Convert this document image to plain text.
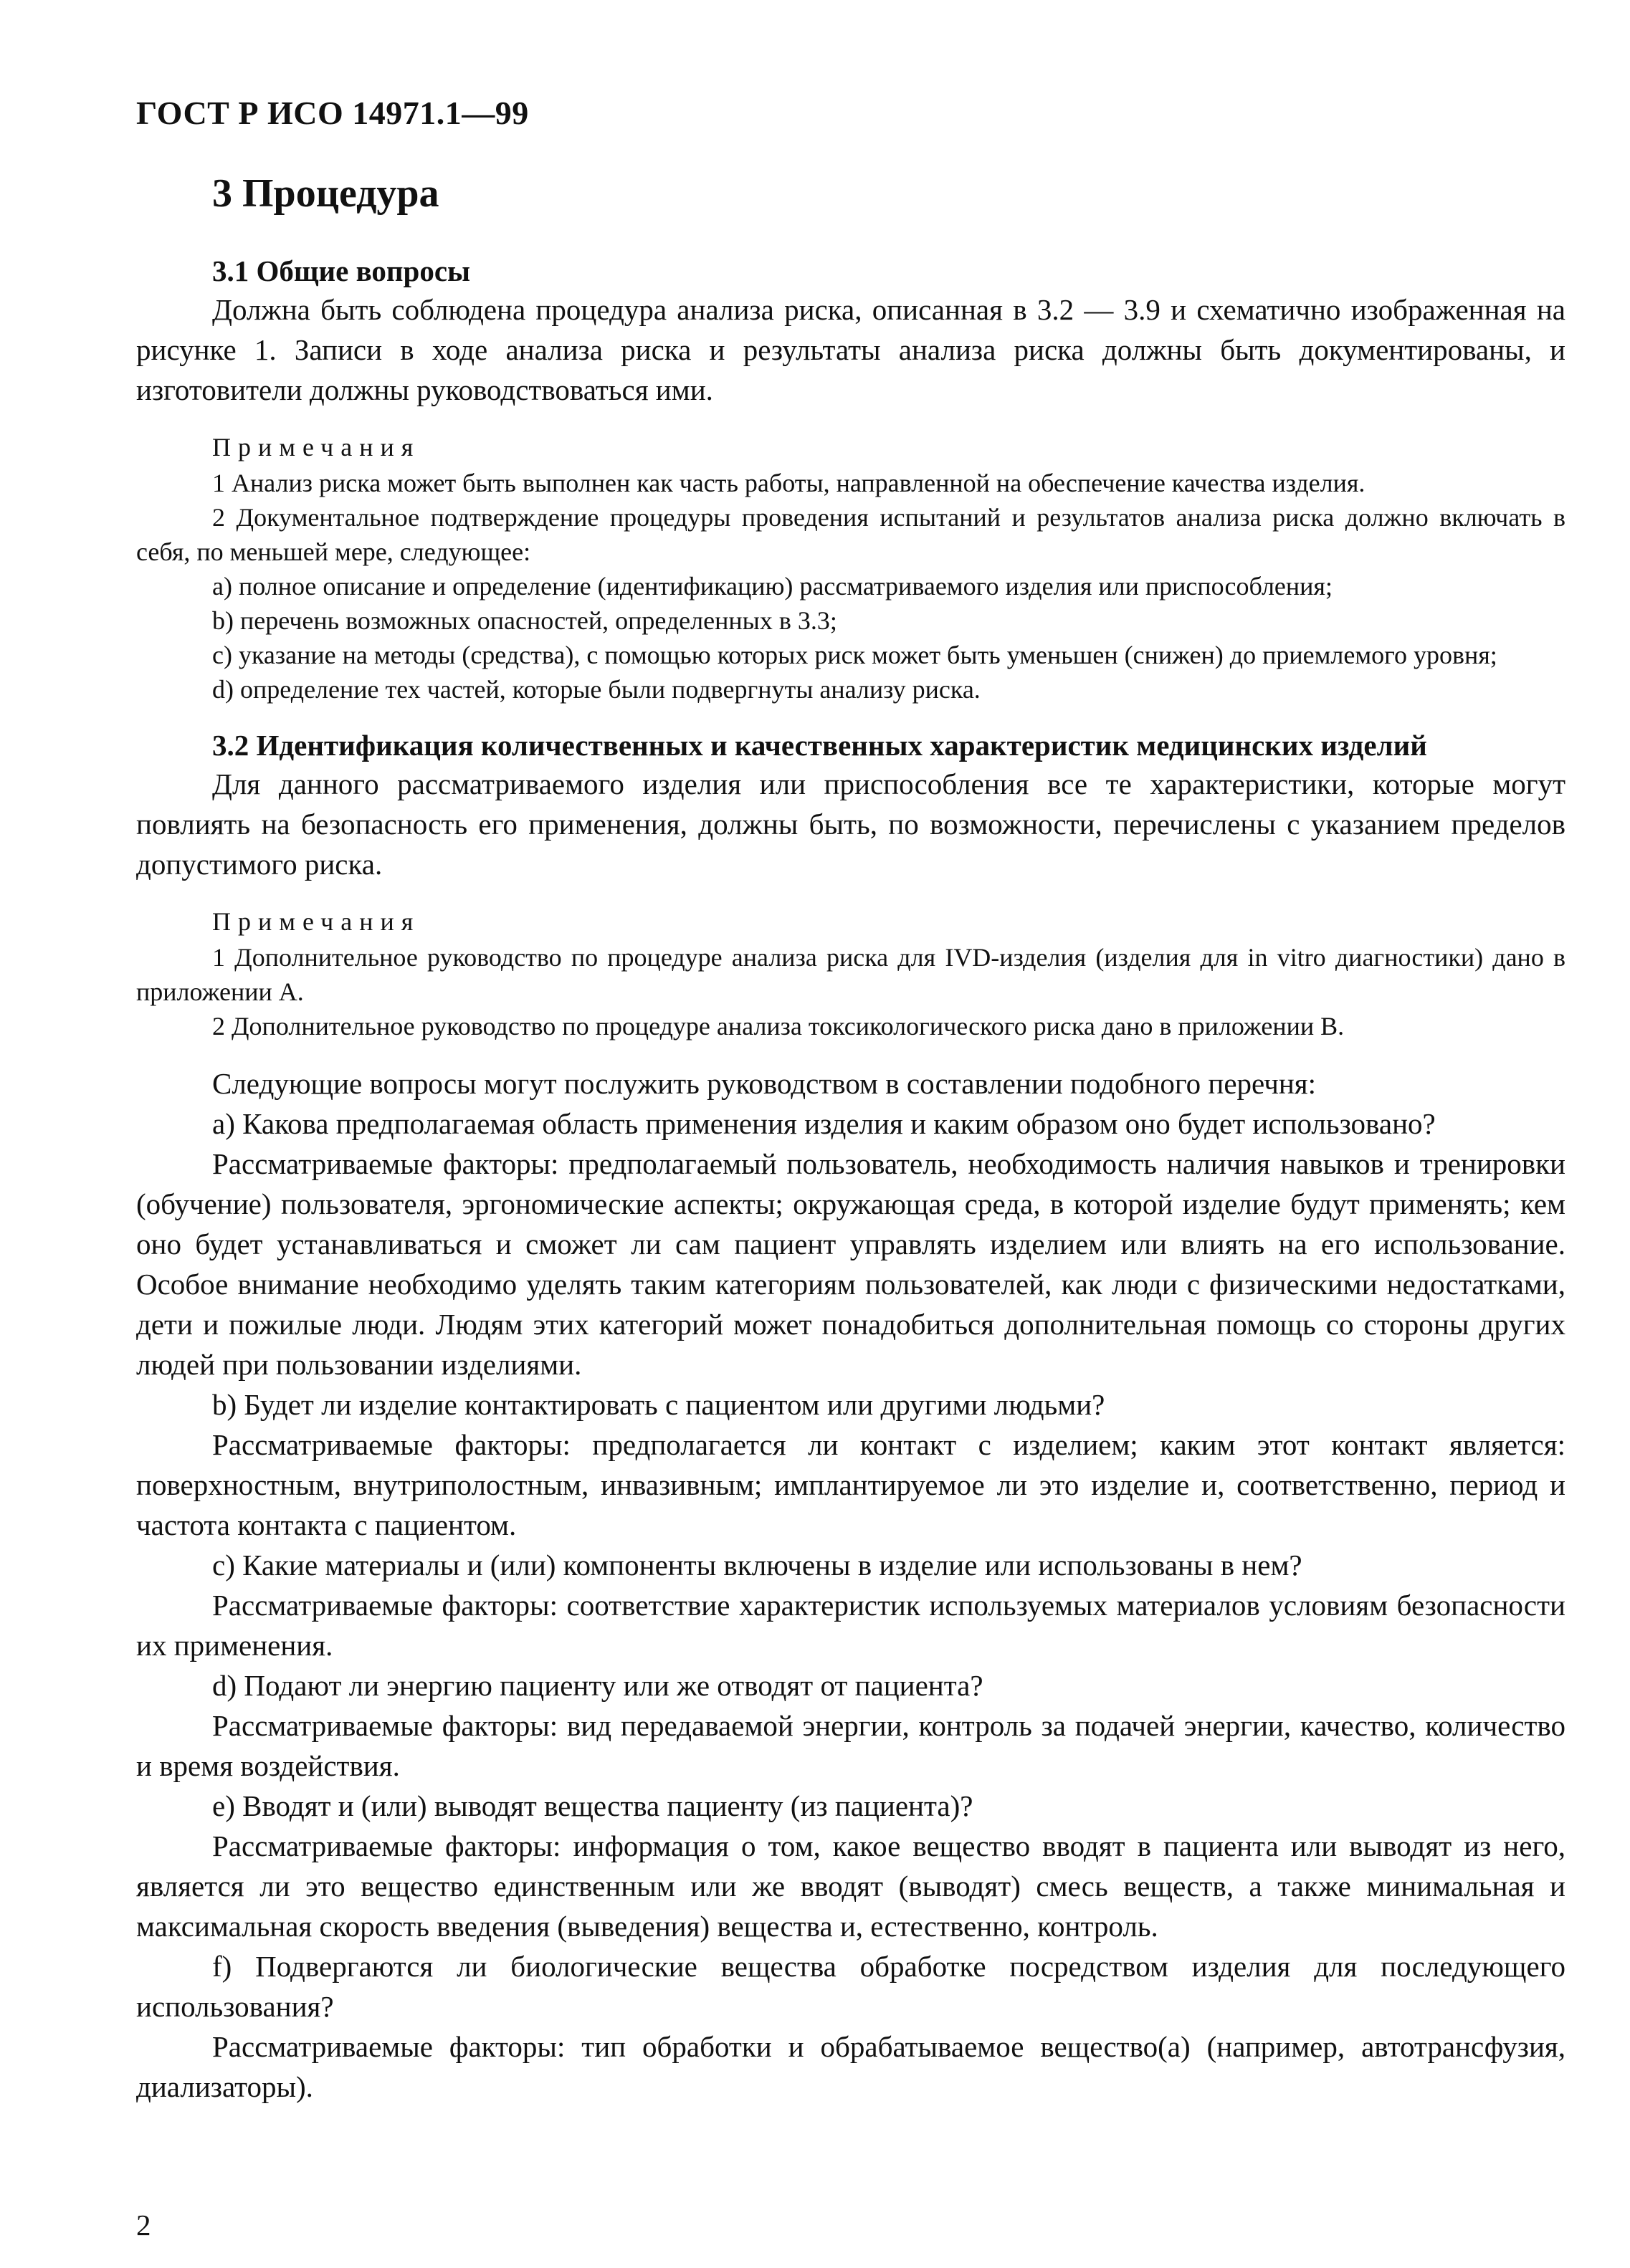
ГОСТ Р ИСО 14971.1—99
3 Процедура
3.1 Общие вопросы

Должна быть соблюдена процедура анализа риска, описанная в 3.2 — 3.9 и схематично изображенная на рисунке 1. Записи в ходе анализа риска и результаты анализа риска должны быть документированы, и изготовители должны руководствоваться ими.

Примечания

1 Анализ риска может быть выполнен как часть работы, направленной на обеспечение качества изделия.

2 Документальное подтверждение процедуры проведения испытаний и результатов анализа риска должно включать в себя, по меньшей мере, следующее:

а) полное описание и определение (идентификацию) рассматриваемого изделия или приспособления;

b) перечень возможных опасностей, определенных в 3.3;

с) указание на методы (средства), с помощью которых риск может быть уменьшен (снижен) до приемлемого уровня;

d) определение тех частей, которые были подвергнуты анализу риска.

3.2 Идентификация количественных и качественных характеристик медицинских изделий

Для данного рассматриваемого изделия или приспособления все те характеристики, которые могут повлиять на безопасность его применения, должны быть, по возможности, перечислены с указанием пределов допустимого риска.

Примечания

1 Дополнительное руководство по процедуре анализа риска для IVD-изделия (изделия для in vitro диагностики) дано в приложении А.

2 Дополнительное руководство по процедуре анализа токсикологического риска дано в приложении В.

Следующие вопросы могут послужить руководством в составлении подобного перечня:

а) Какова предполагаемая область применения изделия и каким образом оно будет использовано?

Рассматриваемые факторы: предполагаемый пользователь, необходимость наличия навыков и тренировки (обучение) пользователя, эргономические аспекты; окружающая среда, в которой изделие будут применять; кем оно будет устанавливаться и сможет ли сам пациент управлять изделием или влиять на его использование. Особое внимание необходимо уделять таким категориям пользователей, как люди с физическими недостатками, дети и пожилые люди. Людям этих категорий может понадобиться дополнительная помощь со стороны других людей при пользовании изделиями.

b) Будет ли изделие контактировать с пациентом или другими людьми?

Рассматриваемые факторы: предполагается ли контакт с изделием; каким этот контакт является: поверхностным, внутриполостным, инвазивным; имплантируемое ли это изделие и, соответственно, период и частота контакта с пациентом.

с) Какие материалы и (или) компоненты включены в изделие или использованы в нем?

Рассматриваемые факторы: соответствие характеристик используемых материалов условиям безопасности их применения.

d) Подают ли энергию пациенту или же отводят от пациента?

Рассматриваемые факторы: вид передаваемой энергии, контроль за подачей энергии, качество, количество и время воздействия.

е) Вводят и (или) выводят вещества пациенту (из пациента)?

Рассматриваемые факторы: информация о том, какое вещество вводят в пациента или выводят из него, является ли это вещество единственным или же вводят (выводят) смесь веществ, а также минимальная и максимальная скорость введения (выведения) вещества и, естественно, контроль.

f) Подвергаются ли биологические вещества обработке посредством изделия для последующего использования?

Рассматриваемые факторы: тип обработки и обрабатываемое вещество(а) (например, автотрансфузия, диализаторы).

2
